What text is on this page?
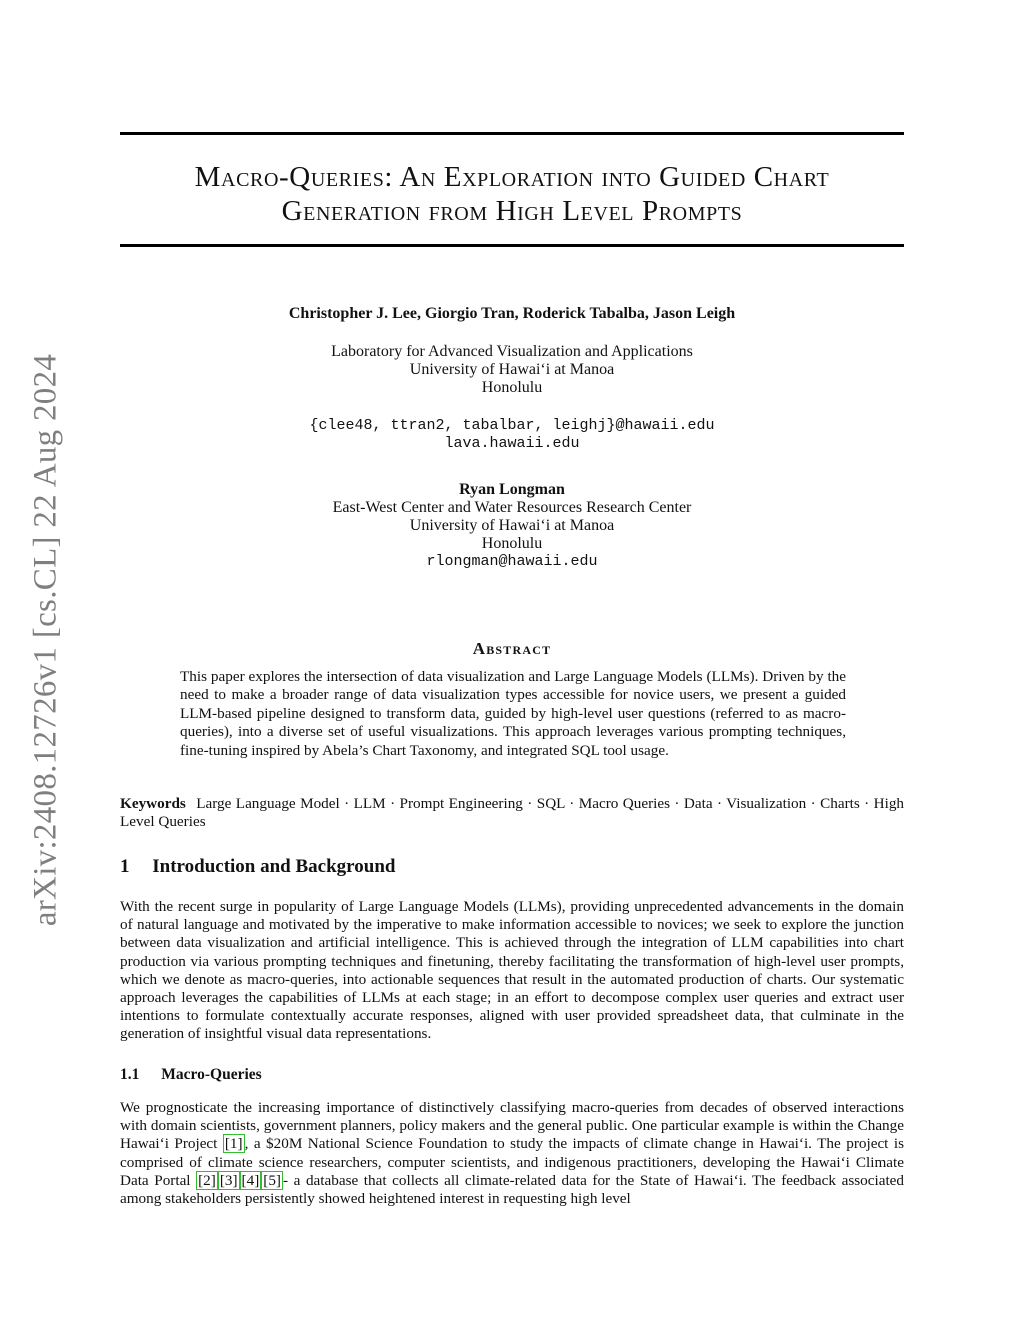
arXiv:2408.12726v1 [cs.CL] 22 Aug 2024
Macro-Queries: An Exploration into Guided Chart
Generation from High Level Prompts
Christopher J. Lee, Giorgio Tran, Roderick Tabalba, Jason Leigh
Laboratory for Advanced Visualization and Applications
University of Hawai‘i at Manoa
Honolulu
{clee48, ttran2, tabalbar, leighj}@hawaii.edu
lava.hawaii.edu
Ryan Longman
East-West Center and Water Resources Research Center
University of Hawai‘i at Manoa
Honolulu
rlongman@hawaii.edu
Abstract
This paper explores the intersection of data visualization and Large Language Models (LLMs). Driven by the need to make a broader range of data visualization types accessible for novice users, we present a guided LLM-based pipeline designed to transform data, guided by high-level user questions (referred to as macro-queries), into a diverse set of useful visualizations. This approach leverages various prompting techniques, fine-tuning inspired by Abela’s Chart Taxonomy, and integrated SQL tool usage.
Keywords Large Language Model · LLM · Prompt Engineering · SQL · Macro Queries · Data · Visualization · Charts · High Level Queries
1 Introduction and Background
With the recent surge in popularity of Large Language Models (LLMs), providing unprecedented advancements in the domain of natural language and motivated by the imperative to make information accessible to novices; we seek to explore the junction between data visualization and artificial intelligence. This is achieved through the integration of LLM capabilities into chart production via various prompting techniques and finetuning, thereby facilitating the transformation of high-level user prompts, which we denote as macro-queries, into actionable sequences that result in the automated production of charts. Our systematic approach leverages the capabilities of LLMs at each stage; in an effort to decompose complex user queries and extract user intentions to formulate contextually accurate responses, aligned with user provided spreadsheet data, that culminate in the generation of insightful visual data representations.
1.1 Macro-Queries
We prognosticate the increasing importance of distinctively classifying macro-queries from decades of observed interactions with domain scientists, government planners, policy makers and the general public. One particular example is within the Change Hawai‘i Project [1] , a $20M National Science Foundation to study the impacts of climate change in Hawai‘i. The project is comprised of climate science researchers, computer scientists, and indigenous practitioners, developing the Hawai‘i Climate Data Portal [2] [3] [4] [5] - a database that collects all climate-related data for the State of Hawai‘i. The feedback associated among stakeholders persistently showed heightened interest in requesting high level
